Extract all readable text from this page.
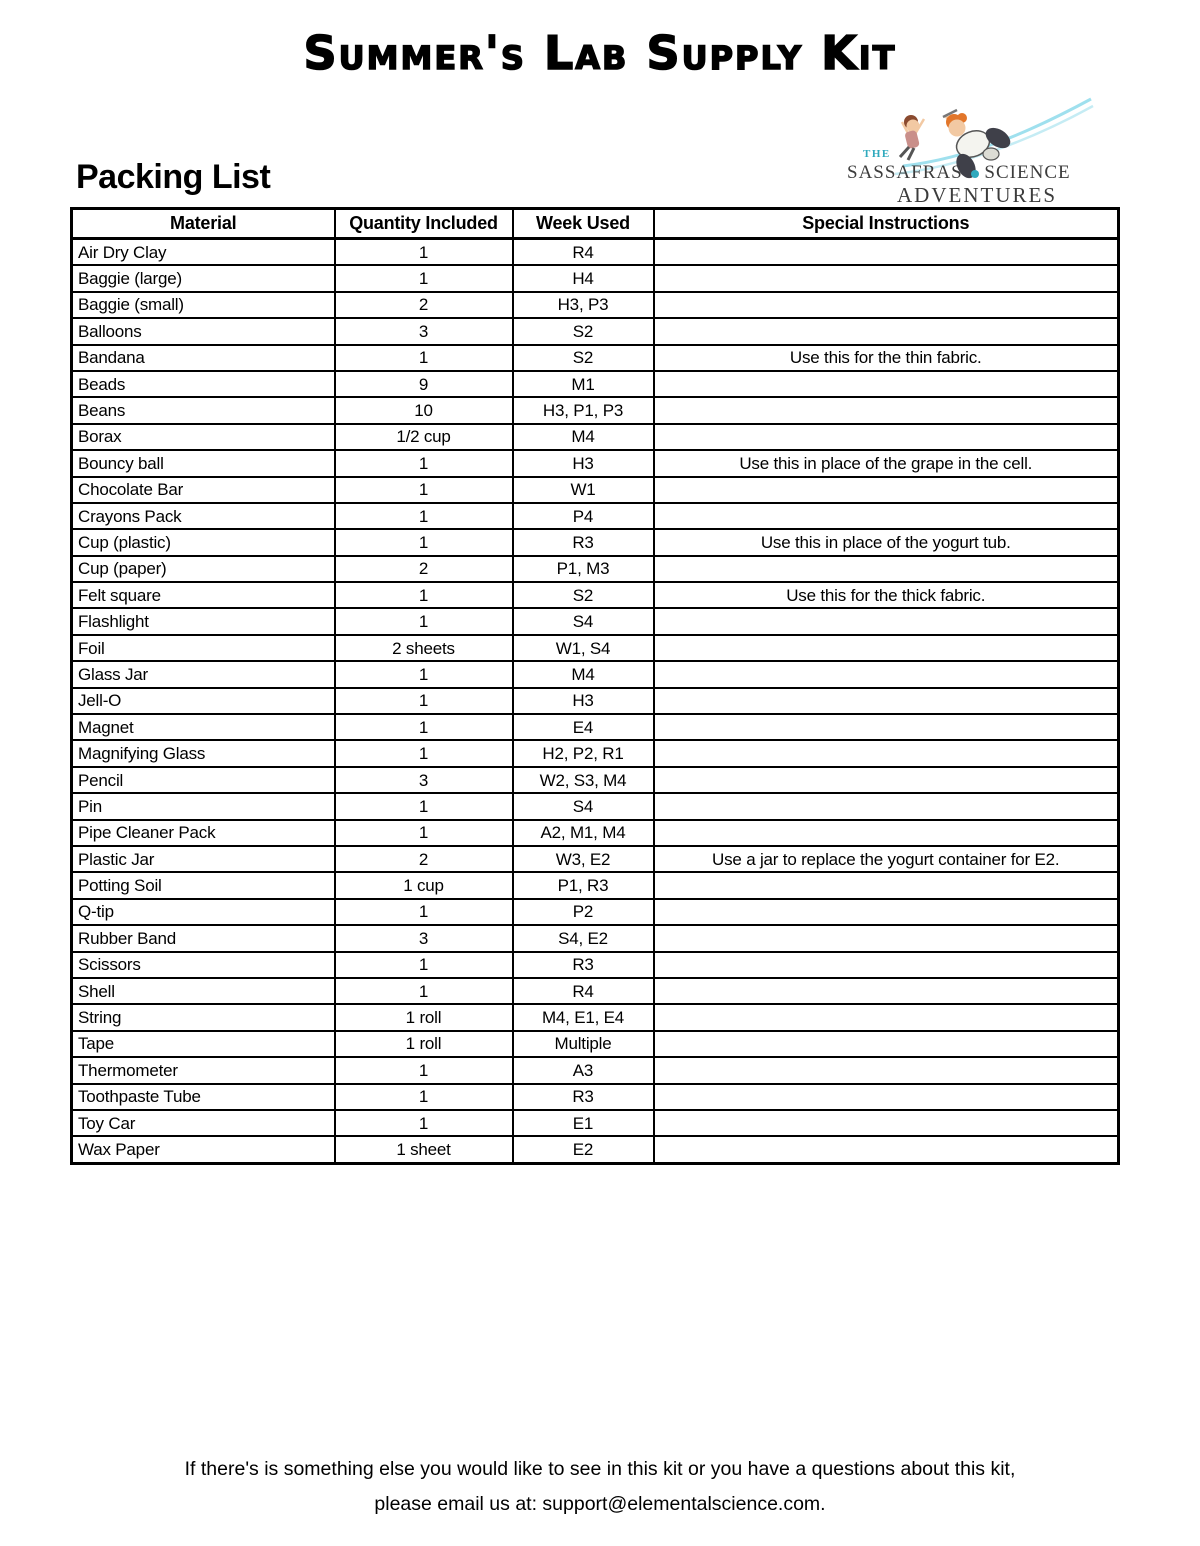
Summer's Lab Supply Kit
THE
SASSAFRAS SCIENCE
ADVENTURES
Packing List
Material	Quantity Included	Week Used	Special Instructions
Air Dry Clay	1	R4	
Baggie (large)	1	H4	
Baggie (small)	2	H3, P3	
Balloons	3	S2	
Bandana	1	S2	Use this for the thin fabric.
Beads	9	M1	
Beans	10	H3, P1, P3	
Borax	1/2 cup	M4	
Bouncy ball	1	H3	Use this in place of the grape in the cell.
Chocolate Bar	1	W1	
Crayons Pack	1	P4	
Cup (plastic)	1	R3	Use this in place of the yogurt tub.
Cup (paper)	2	P1, M3	
Felt square	1	S2	Use this for the thick fabric.
Flashlight	1	S4	
Foil	2 sheets	W1, S4	
Glass Jar	1	M4	
Jell-O	1	H3	
Magnet	1	E4	
Magnifying Glass	1	H2, P2, R1	
Pencil	3	W2, S3, M4	
Pin	1	S4	
Pipe Cleaner Pack	1	A2, M1, M4	
Plastic Jar	2	W3, E2	Use a jar to replace the yogurt container for E2.
Potting Soil	1 cup	P1, R3	
Q-tip	1	P2	
Rubber Band	3	S4, E2	
Scissors	1	R3	
Shell	1	R4	
String	1 roll	M4, E1, E4	
Tape	1 roll	Multiple	
Thermometer	1	A3	
Toothpaste Tube	1	R3	
Toy Car	1	E1	
Wax Paper	1 sheet	E2	
If there's is something else you would like to see in this kit or you have a questions about this kit,
please email us at: support@elementalscience.com.
